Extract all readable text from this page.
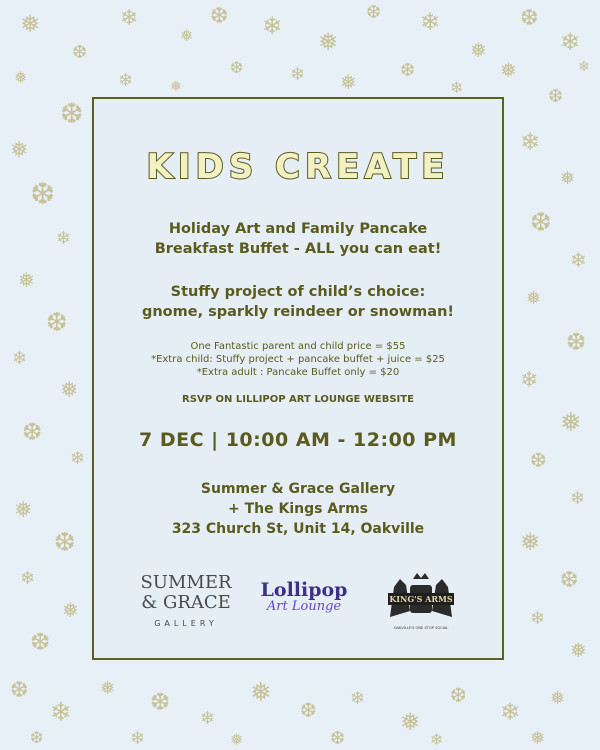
❅
❆
❄
❅
❆ ❄
❅
❆ ❄
❅
❆
❄
❅
❆
❄	❅
❆	❄ ❅ ❆
❄
❅
❆
❄
❅
❆
❄
❅
❆
❄
❅
❆
❄
❅
❆
❄
❅
❆
❄
❅
❆
❄
❅
❆
❄
❅
❆
❄
❅
❆
❄
❅
❆
❄
❅ ❆
❄
❅
❆ ❄
❅
❆
❄ ❅
❆	❄	❅	❆	❄	❅
KIDS CREATE
Holiday Art and Family Pancake
Breakfast Buffet - ALL you can eat!
Stuffy project of child’s choice:
gnome, sparkly reindeer or snowman!
One Fantastic parent and child price = $55
*Extra child: Stuffy project + pancake buffet + juice = $25
*Extra adult : Pancake Buffet only = $20
RSVP ON LILLIPOP ART LOUNGE WEBSITE
7 DEC | 10:00 AM - 12:00 PM
Summer & Grace Gallery
+ The Kings Arms
323 Church St, Unit 14, Oakville
SUMMER
& GRACE
GALLERY
Lollipop
Art Lounge	KING'S ARMS
OAKVILLE'S ONE STOP SOCIAL
